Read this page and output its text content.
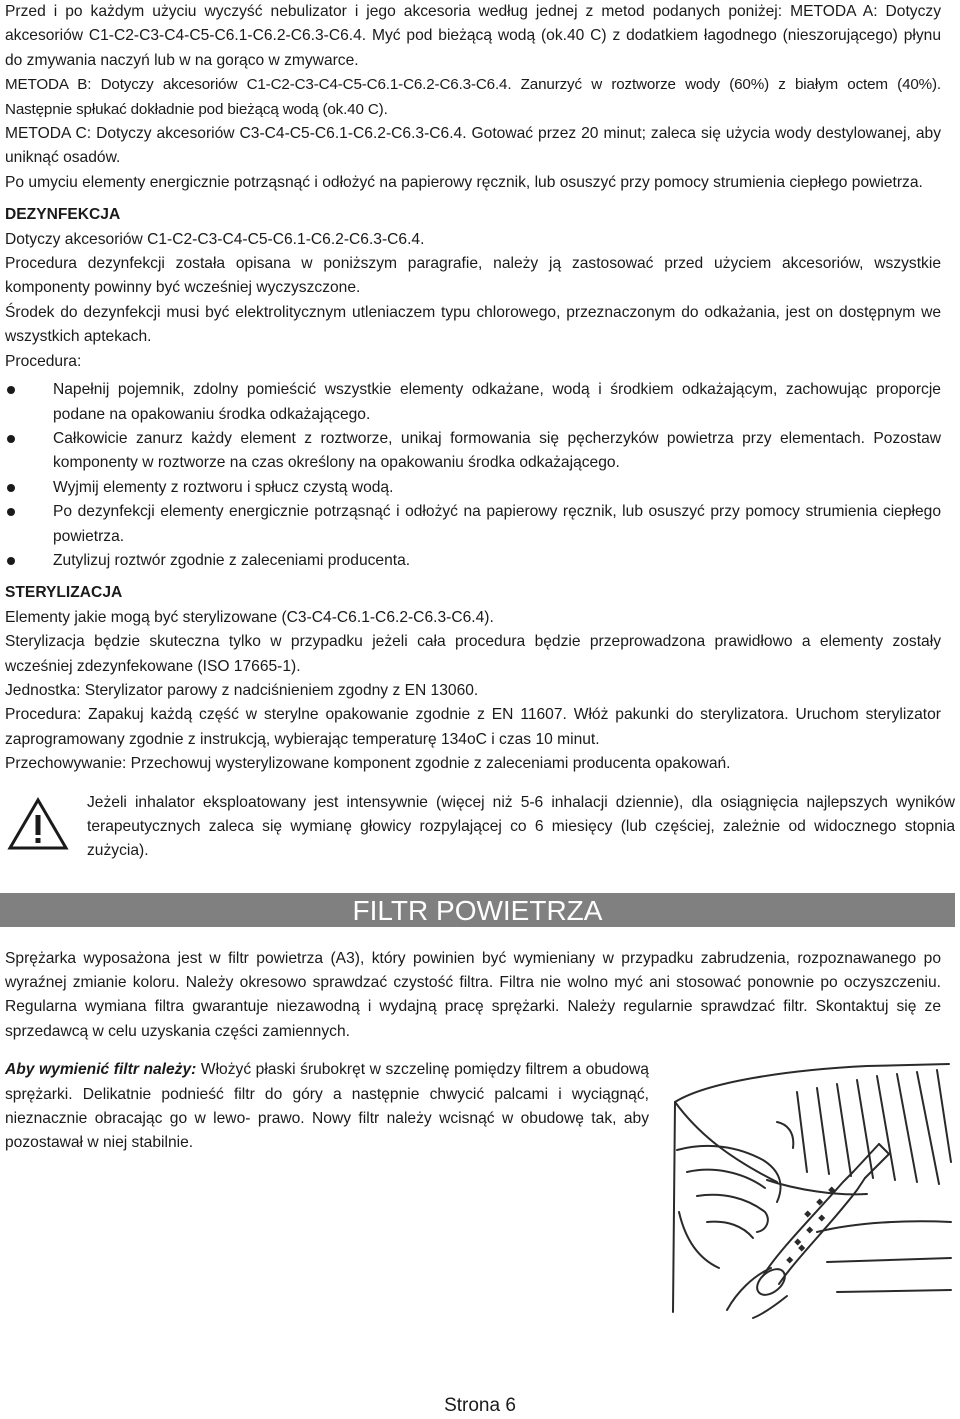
Przed i po każdym użyciu wyczyść nebulizator i jego akcesoria według jednej z metod podanych poniżej: METODA A: Dotyczy akcesoriów C1-C2-C3-C4-C5-C6.1-C6.2-C6.3-C6.4. Myć pod bieżącą wodą (ok.40 C) z dodatkiem łagodnego (nieszorującego) płynu do zmywania naczyń lub w na gorąco w zmywarce.

METODA B: Dotyczy akcesoriów C1-C2-C3-C4-C5-C6.1-C6.2-C6.3-C6.4. Zanurzyć w roztworze wody (60%) z białym octem (40%). Następnie spłukać dokładnie pod bieżącą wodą (ok.40 C).

METODA C: Dotyczy akcesoriów C3-C4-C5-C6.1-C6.2-C6.3-C6.4. Gotować przez 20 minut; zaleca się użycia wody destylowanej, aby uniknąć osadów.

Po umyciu elementy energicznie potrząsnąć i odłożyć na papierowy ręcznik, lub osuszyć przy pomocy strumienia ciepłego powietrza.

DEZYNFEKCJA

Dotyczy akcesoriów C1-C2-C3-C4-C5-C6.1-C6.2-C6.3-C6.4.

Procedura dezynfekcji została opisana w poniższym paragrafie, należy ją zastosować przed użyciem akcesoriów, wszystkie komponenty powinny być wcześniej wyczyszczone.

Środek do dezynfekcji musi być elektrolitycznym utleniaczem typu chlorowego, przeznaczonym do odkażania, jest on dostępnym we wszystkich aptekach.

Procedura:

Napełnij pojemnik, zdolny pomieścić wszystkie elementy odkażane, wodą i środkiem odkażającym, zachowując proporcje podane na opakowaniu środka odkażającego.
Całkowicie zanurz każdy element z roztworze, unikaj formowania się pęcherzyków powietrza przy elementach. Pozostaw komponenty w roztworze na czas określony na opakowaniu środka odkażającego.
Wyjmij elementy z roztworu i spłucz czystą wodą.
Po dezynfekcji elementy energicznie potrząsnąć i odłożyć na papierowy ręcznik, lub osuszyć przy pomocy strumienia ciepłego powietrza.
Zutylizuj roztwór zgodnie z zaleceniami producenta.

STERYLIZACJA

Elementy jakie mogą być sterylizowane (C3-C4-C6.1-C6.2-C6.3-C6.4).

Sterylizacja będzie skuteczna tylko w przypadku jeżeli cała procedura będzie przeprowadzona prawidłowo a elementy zostały wcześniej zdezynfekowane (ISO 17665-1).

Jednostka: Sterylizator parowy z nadciśnieniem zgodny z EN 13060.

Procedura: Zapakuj każdą część w sterylne opakowanie zgodnie z EN 11607. Włóż pakunki do sterylizatora. Uruchom sterylizator zaprogramowany zgodnie z instrukcją, wybierając temperaturę 134oC i czas 10 minut.

Przechowywanie: Przechowuj wysterylizowane komponent zgodnie z zaleceniami producenta opakowań.

Jeżeli inhalator eksploatowany jest intensywnie (więcej niż 5-6 inhalacji dziennie), dla osiągnięcia najlepszych wyników terapeutycznych zaleca się wymianę głowicy rozpylającej co 6 miesięcy (lub częściej, zależnie od widocznego stopnia zużycia).

FILTR POWIETRZA

Sprężarka wyposażona jest w filtr powietrza (A3), który powinien być wymieniany w przypadku zabrudzenia, rozpoznawanego po wyraźnej zmianie koloru. Należy okresowo sprawdzać czystość filtra. Filtra nie wolno myć ani stosować ponownie po oczyszczeniu. Regularna wymiana filtra gwarantuje niezawodną i wydajną pracę sprężarki. Należy regularnie sprawdzać filtr. Skontaktuj się ze sprzedawcą w celu uzyskania części zamiennych.

Aby wymienić filtr należy: Włożyć płaski śrubokręt w szczelinę pomiędzy filtrem a obudową sprężarki. Delikatnie podnieść filtr do góry a następnie chwycić palcami i wyciągnąć, nieznacznie obracając go w lewo- prawo. Nowy filtr należy wcisnąć w obudowę tak, aby pozostawał w niej stabilnie.

Strona 6
